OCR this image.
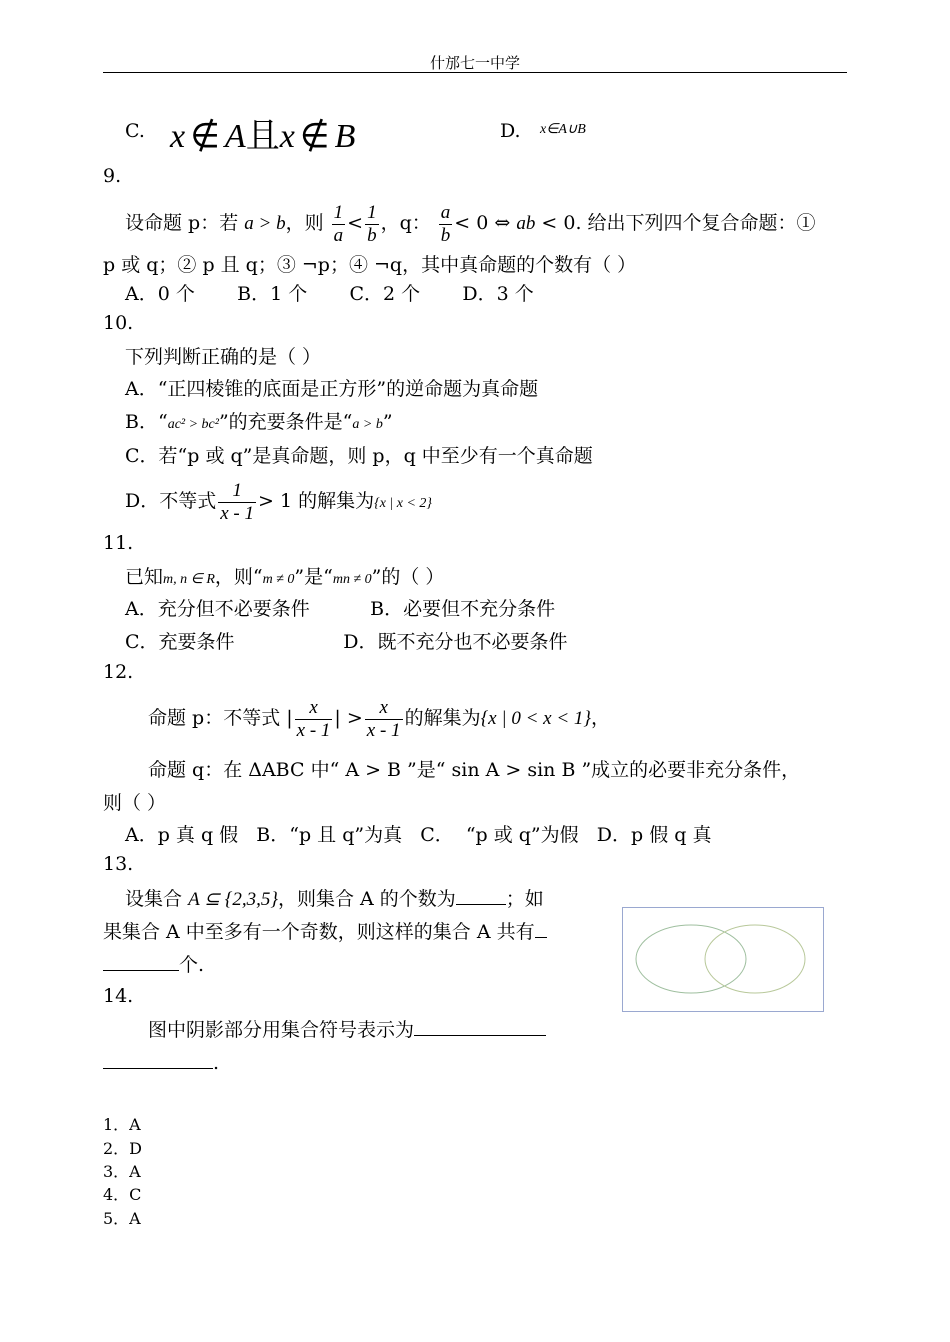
什邡七一中学
C. x ∉ A且x ∉ B	D. x∈A∪B
9.
设命题 p：若 a > b，则 $\frac{1}{a} < \frac{1}{b}$ ，q： $\frac{a}{b} < 0$ ⇔ ab < 0. 给出下列四个复合命题：①
p 或 q；② p 且 q；③ ¬p；④ ¬q，其中真命题的个数有（ ）
A．0 个       B．1 个       C．2 个       D．3 个
10.
下列判断正确的是（ ）
A．“正四棱锥的底面是正方形”的逆命题为真命题
B．“ac² > bc²”的充要条件是“a > b”
C．若“p 或 q”是真命题，则 p，q 中至少有一个真命题
D．不等式 $\frac{1}{x - 1} > 1$ 的解集为{x | x < 2}
11.
已知m, n ∈ R，则“m ≠ 0”是“mn ≠ 0”的（ ）
A．充分但不必要条件          B．必要但不充分条件
C．充要条件                  D．既不充分也不必要条件
12.
命题 p：不等式 | $\frac{x}{x - 1}$ | > $\frac{x}{x - 1}$ 的解集为{x | 0 < x < 1}，
命题 q：在 ΔABC 中“ A > B ”是“ sin A > sin B ”成立的必要非充分条件，
则（ ）
A．p 真 q 假   B．“p 且 q”为真   C．  “p 或 q”为假   D．p 假 q 真
13.
设集合 A ⊆ {2,3,5}，则集合 A 的个数为	；如
果集合 A 中至多有一个奇数，则这样的集合 A 共有
个.
14.
图中阴影部分用集合符号表示为
.
1．A
2．D
3．A
4．C
5．A
